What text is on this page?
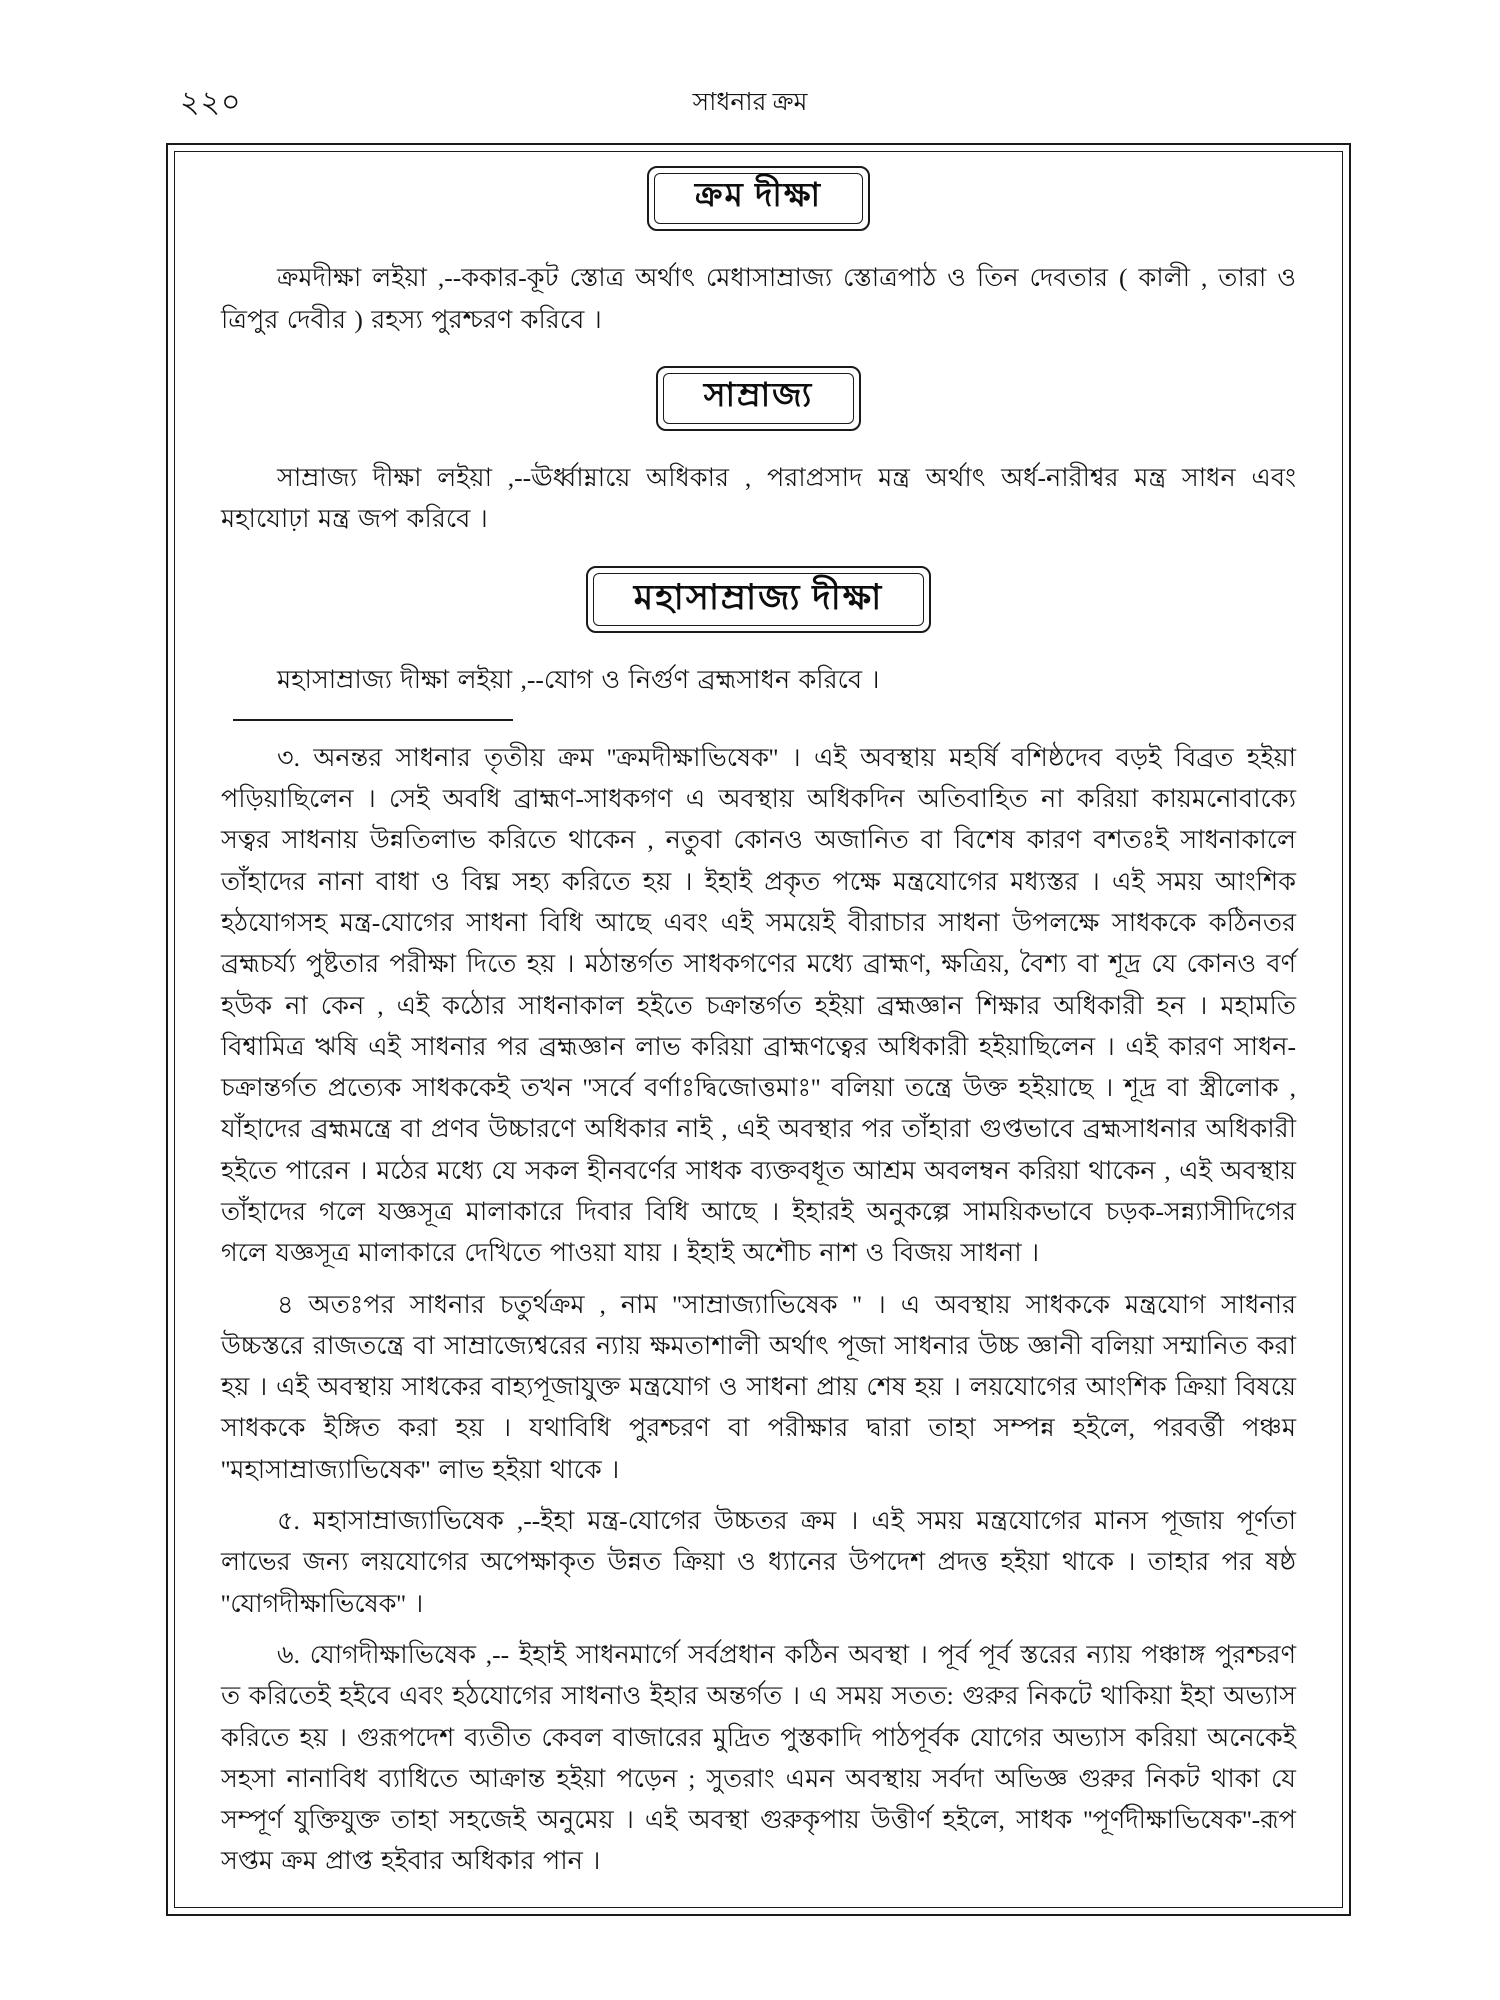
২২০	সাধনার ক্রম
ক্রম দীক্ষা

ক্রমদীক্ষা লইয়া ,--ককার-কূট স্তোত্র অর্থাৎ মেধাসাম্রাজ্য স্তোত্রপাঠ ও তিন দেবতার ( কালী , তারা ও ত্রিপুর দেবীর ) রহস্য পুরশ্চরণ করিবে ।

সাম্রাজ্য

সাম্রাজ্য দীক্ষা লইয়া ,--ঊর্ধ্বাম্নায়ে অধিকার , পরাপ্রসাদ মন্ত্র অর্থাৎ অর্ধ-নারীশ্বর মন্ত্র সাধন এবং মহাযোঢ়া মন্ত্র জপ করিবে ।

মহাসাম্রাজ্য দীক্ষা

মহাসাম্রাজ্য দীক্ষা লইয়া ,--যোগ ও নির্গুণ ব্রহ্মসাধন করিবে ।

৩. অনন্তর সাধনার তৃতীয় ক্রম ''ক্রমদীক্ষাভিষেক'' । এই অবস্থায় মহর্ষি বশিষ্ঠদেব বড়ই বিব্রত হইয়া পড়িয়াছিলেন । সেই অবধি ব্রাহ্মণ-সাধকগণ এ অবস্থায় অধিকদিন অতিবাহিত না করিয়া কায়মনোবাক্যে সত্বর সাধনায় উন্নতিলাভ করিতে থাকেন , নতুবা কোনও অজানিত বা বিশেষ কারণ বশতঃই সাধনাকালে তাঁহাদের নানা বাধা ও বিঘ্ন সহ্য করিতে হয় । ইহাই প্রকৃত পক্ষে মন্ত্রযোগের মধ্যস্তর । এই সময় আংশিক হঠযোগসহ মন্ত্র-যোগের সাধনা বিধি আছে এবং এই সময়েই বীরাচার সাধনা উপলক্ষে সাধককে কঠিনতর ব্রহ্মচর্য্য পুষ্টতার পরীক্ষা দিতে হয় । মঠান্তর্গত সাধকগণের মধ্যে ব্রাহ্মণ, ক্ষত্রিয়, বৈশ্য বা শূদ্র যে কোনও বর্ণ হউক না কেন , এই কঠোর সাধনাকাল হইতে চক্রান্তর্গত হইয়া ব্রহ্মজ্ঞান শিক্ষার অধিকারী হন । মহামতি বিশ্বামিত্র ঋষি এই সাধনার পর ব্রহ্মজ্ঞান লাভ করিয়া ব্রাহ্মণত্বের অধিকারী হইয়াছিলেন । এই কারণ সাধন-চক্রান্তর্গত প্রত্যেক সাধককেই তখন ''সর্বে বর্ণাঃদ্বিজোত্তমাঃ'' বলিয়া তন্ত্রে উক্ত হইয়াছে । শূদ্র বা স্ত্রীলোক , যাঁহাদের ব্রহ্মমন্ত্রে বা প্রণব উচ্চারণে অধিকার নাই , এই অবস্থার পর তাঁহারা গুপ্তভাবে ব্রহ্মসাধনার অধিকারী হইতে পারেন । মঠের মধ্যে যে সকল হীনবর্ণের সাধক ব্যক্তবধূত আশ্রম অবলম্বন করিয়া থাকেন , এই অবস্থায় তাঁহাদের গলে যজ্ঞসূত্র মালাকারে দিবার বিধি আছে । ইহারই অনুকল্পে সাময়িকভাবে চড়ক-সন্ন্যাসীদিগের গলে যজ্ঞসূত্র মালাকারে দেখিতে পাওয়া যায় । ইহাই অশৌচ নাশ ও বিজয় সাধনা ।

৪ অতঃপর সাধনার চতুর্থক্রম , নাম ''সাম্রাজ্যাভিষেক '' । এ অবস্থায় সাধককে মন্ত্রযোগ সাধনার উচ্চস্তরে রাজতন্ত্রে বা সাম্রাজ্যেশ্বরের ন্যায় ক্ষমতাশালী অর্থাৎ পূজা সাধনার উচ্চ জ্ঞানী বলিয়া সম্মানিত করা হয় । এই অবস্থায় সাধকের বাহ্যপূজাযুক্ত মন্ত্রযোগ ও সাধনা প্রায় শেষ হয় । লয়যোগের আংশিক ক্রিয়া বিষয়ে সাধককে ইঙ্গিত করা হয় । যথাবিধি পুরশ্চরণ বা পরীক্ষার দ্বারা তাহা সম্পন্ন হইলে, পরবর্ত্তী পঞ্চম ''মহাসাম্রাজ্যাভিষেক'' লাভ হইয়া থাকে ।

৫. মহাসাম্রাজ্যাভিষেক ,--ইহা মন্ত্র-যোগের উচ্চতর ক্রম । এই সময় মন্ত্রযোগের মানস পূজায় পূর্ণতা লাভের জন্য লয়যোগের অপেক্ষাকৃত উন্নত ক্রিয়া ও ধ্যানের উপদেশ প্রদত্ত হইয়া থাকে । তাহার পর ষষ্ঠ ''যোগদীক্ষাভিষেক'' ।

৬. যোগদীক্ষাভিষেক ,-- ইহাই সাধনমার্গে সর্বপ্রধান কঠিন অবস্থা । পূর্ব পূর্ব স্তরের ন্যায় পঞ্চাঙ্গ পুরশ্চরণ ত করিতেই হইবে এবং হঠযোগের সাধনাও ইহার অন্তর্গত । এ সময় সতত: গুরুর নিকটে থাকিয়া ইহা অভ্যাস করিতে হয় । গুরূপদেশ ব্যতীত কেবল বাজারের মুদ্রিত পুস্তকাদি পাঠপূর্বক যোগের অভ্যাস করিয়া অনেকেই সহসা নানাবিধ ব্যাধিতে আক্রান্ত হইয়া পড়েন ; সুতরাং এমন অবস্থায় সর্বদা অভিজ্ঞ গুরুর নিকট থাকা যে সম্পূর্ণ যুক্তিযুক্ত তাহা সহজেই অনুমেয় । এই অবস্থা গুরুকৃপায় উত্তীর্ণ হইলে, সাধক ''পূর্ণদীক্ষাভিষেক''-রূপ সপ্তম ক্রম প্রাপ্ত হইবার অধিকার পান ।
